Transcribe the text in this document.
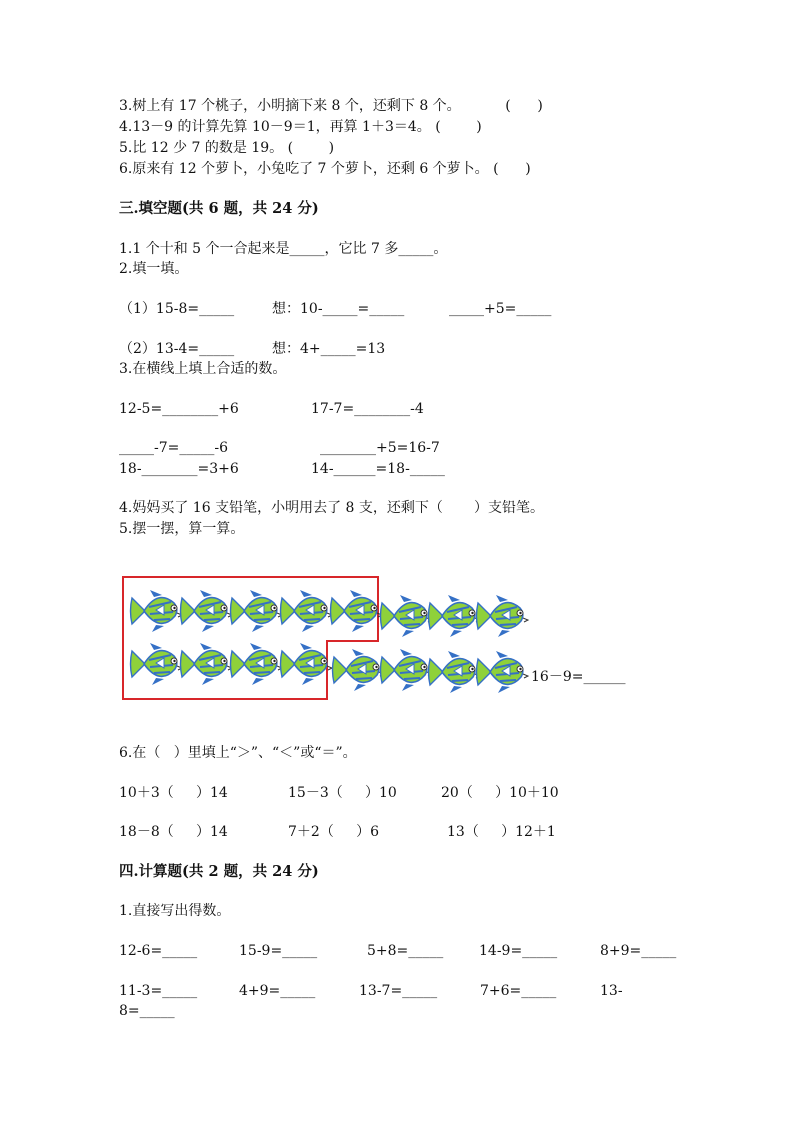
3.树上有 17 个桃子，小明摘下来 8 个，还剩下 8 个。          (      )
4.13－9 的计算先算 10－9＝1，再算 1＋3＝4。 (        )
5.比 12 少 7 的数是 19。 (        )
6.原来有 12 个萝卜，小兔吃了 7 个萝卜，还剩 6 个萝卜。 (      )
三.填空题(共 6 题，共 24 分)
1.1 个十和 5 个一合起来是_____，它比 7 多_____。
2.填一填。
（1）15-8=_____	想：10-_____=_____	_____+5=_____
（2）13-4=_____	想：4+_____=13
3.在横线上填上合适的数。
12-5=________+6	17-7=________-4
_____-7=_____-6	________+5=16-7
18-________=3+6	14-______=18-_____
4.妈妈买了 16 支铅笔，小明用去了 8 支，还剩下（       ）支铅笔。
5.摆一摆，算一算。
16－9=______
6.在（   ）里填上“＞”、“＜”或“＝”。
10＋3（     ）14	15－3（     ）10	20（     ）10＋10
18－8（     ）14	7＋2（     ）6	13（     ）12＋1
四.计算题(共 2 题，共 24 分)
1.直接写出得数。
12-6=_____	15-9=_____	5+8=_____	14-9=_____	8+9=_____
11-3=_____	4+9=_____	13-7=_____	7+6=_____	13-
8=_____
